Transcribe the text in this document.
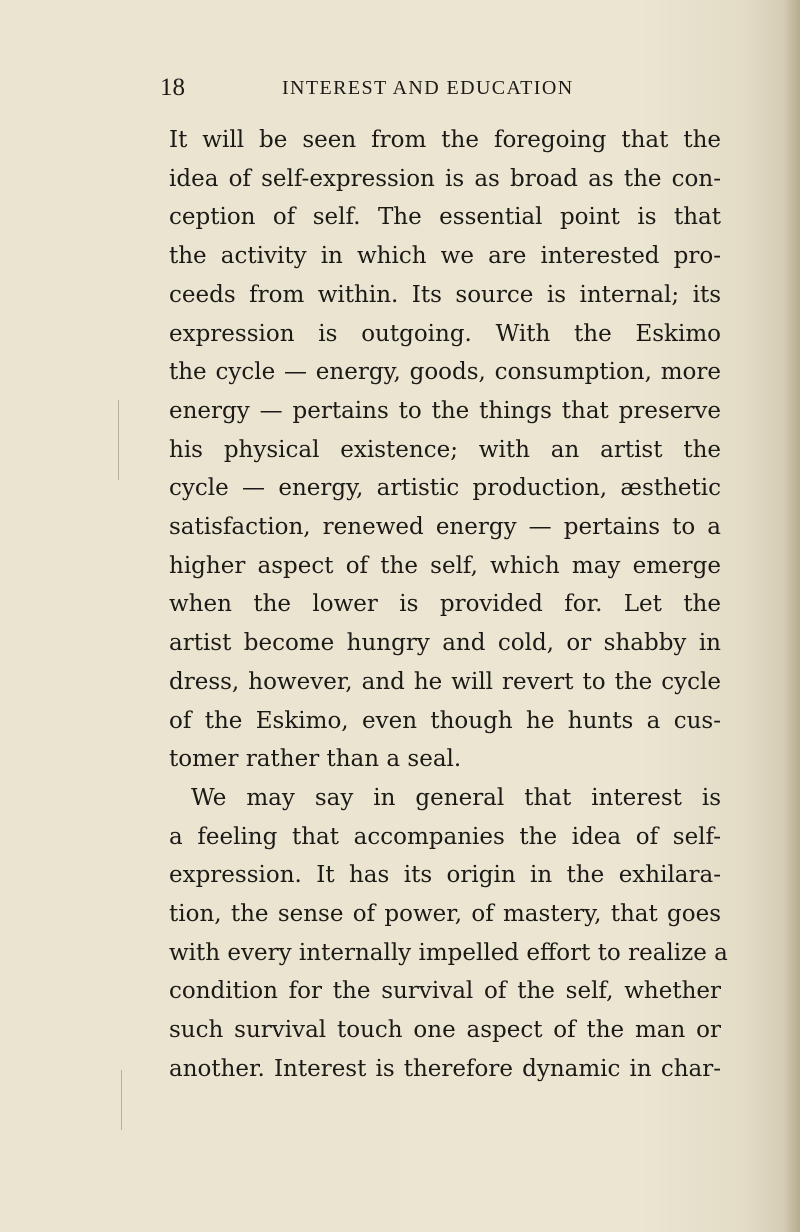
18	INTEREST AND EDUCATION
It will be seen from the foregoing that the
idea of self-expression is as broad as the con-
ception of self. The essential point is that
the activity in which we are interested pro-
ceeds from within. Its source is internal; its
expression is outgoing. With the Eskimo
the cycle — energy, goods, consumption, more
energy — pertains to the things that preserve
his physical existence; with an artist the
cycle — energy, artistic production, æsthetic
satisfaction, renewed energy — pertains to a
higher aspect of the self, which may emerge
when the lower is provided for. Let the
artist become hungry and cold, or shabby in
dress, however, and he will revert to the cycle
of the Eskimo, even though he hunts a cus-
tomer rather than a seal.
We may say in general that interest is
a feeling that accompanies the idea of self-
expression. It has its origin in the exhilara-
tion, the sense of power, of mastery, that goes
with every internally impelled effort to realize a
condition for the survival of the self, whether
such survival touch one aspect of the man or
another. Interest is therefore dynamic in char-
